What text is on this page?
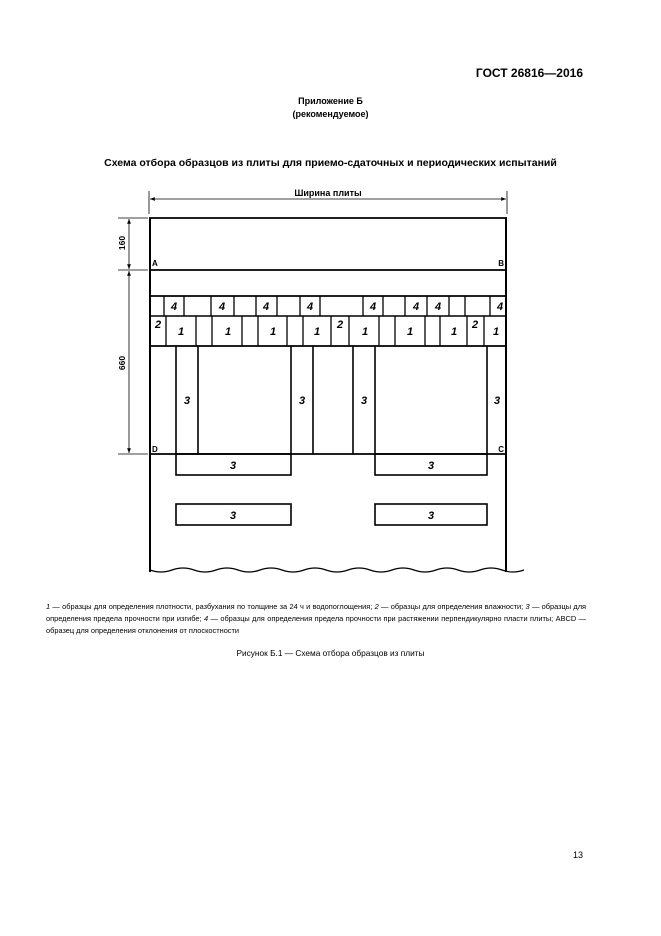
ГОСТ 26816—2016
Приложение Б
(рекомендуемое)
Схема отбора образцов из плиты для приемо-сдаточных и периодических испытаний
Ширина плиты
160
660
A	B
D	C
4	4	4	4	4	4 4	4
2	2	2
1	1	1	1	1	1	1	1
3	3	3	3
3	3
3	3
1 — образцы для определения плотности, разбухания по толщине за 24 ч и водопоглощения; 2 — образцы для определения влажности; 3 — образцы для определения предела прочности при изгибе; 4 — образцы для определения предела прочности при растяжении перпендикулярно пласти плиты; ABCD — образец для определения отклонения от плоскостности
Рисунок Б.1 — Схема отбора образцов из плиты
13
